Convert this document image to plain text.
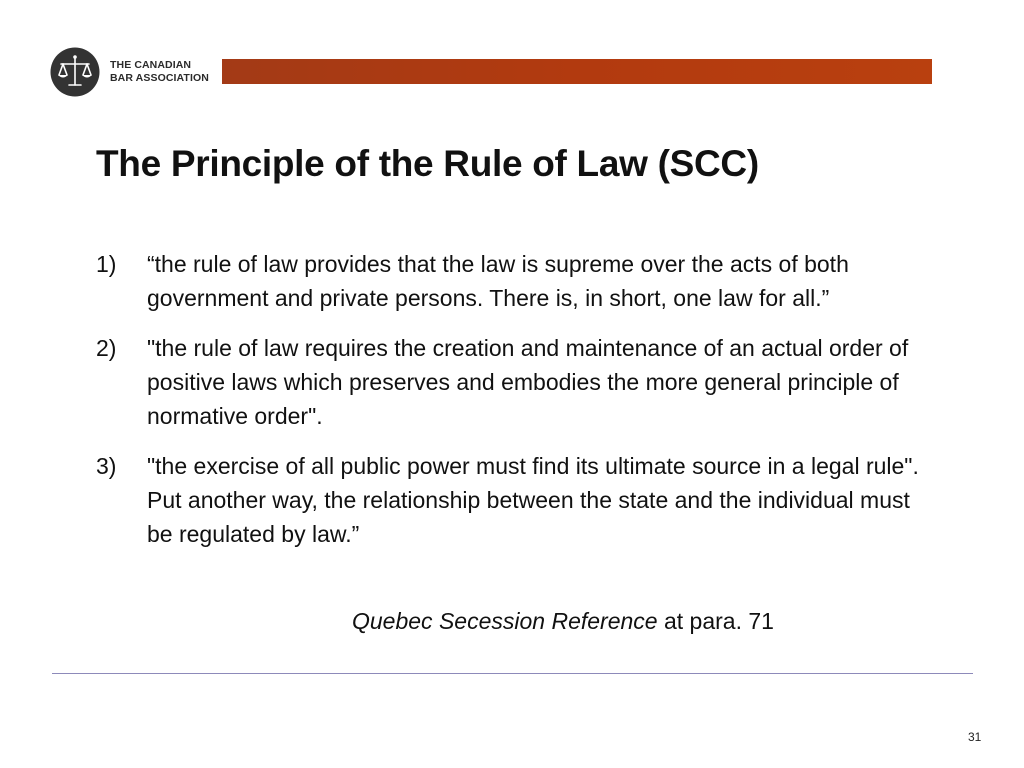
THE CANADIAN
BAR ASSOCIATION
The Principle of the Rule of Law (SCC)
1)	“the rule of law provides that the law is supreme over the acts of both government and private persons. There is, in short, one law for all.”
2)	"the rule of law requires the creation and maintenance of an actual order of positive laws which preserves and embodies the more general principle of normative order".
3)	"the exercise of all public power must find its ultimate source in a legal rule". Put another way, the relationship between the state and the individual must be regulated by law.”
Quebec Secession Reference at para. 71
31
